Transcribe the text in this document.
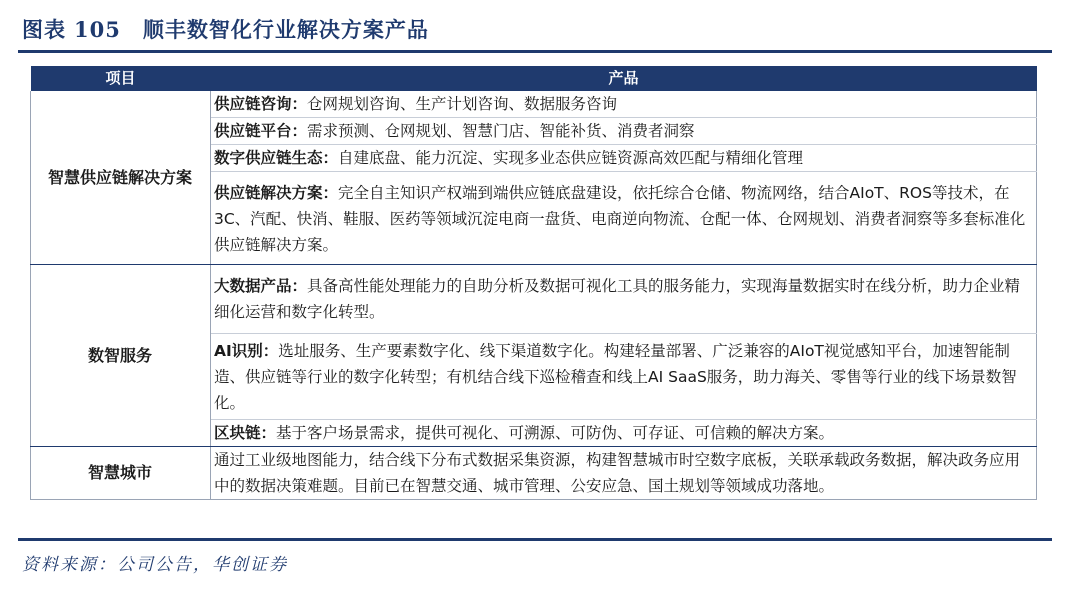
图表 105 顺丰数智化行业解决方案产品
项目	产品
智慧供应链解决方案	供应链咨询：仓网规划咨询、生产计划咨询、数据服务咨询
	供应链平台：需求预测、仓网规划、智慧门店、智能补货、消费者洞察
	数字供应链生态：自建底盘、能力沉淀、实现多业态供应链资源高效匹配与精细化管理
	供应链解决方案：完全自主知识产权端到端供应链底盘建设，依托综合仓储、物流网络，结合AIoT、ROS等技术，在3C、汽配、快消、鞋服、医药等领域沉淀电商一盘货、电商逆向物流、仓配一体、仓网规划、消费者洞察等多套标准化供应链解决方案。
数智服务	大数据产品：具备高性能处理能力的自助分析及数据可视化工具的服务能力，实现海量数据实时在线分析，助力企业精细化运营和数字化转型。
	AI识别：选址服务、生产要素数字化、线下渠道数字化。构建轻量部署、广泛兼容的AIoT视觉感知平台，加速智能制造、供应链等行业的数字化转型；有机结合线下巡检稽查和线上AI SaaS服务，助力海关、零售等行业的线下场景数智化。
	区块链：基于客户场景需求，提供可视化、可溯源、可防伪、可存证、可信赖的解决方案。
智慧城市	通过工业级地图能力，结合线下分布式数据采集资源，构建智慧城市时空数字底板，关联承载政务数据，解决政务应用中的数据决策难题。目前已在智慧交通、城市管理、公安应急、国土规划等领域成功落地。
资料来源：公司公告，华创证券
